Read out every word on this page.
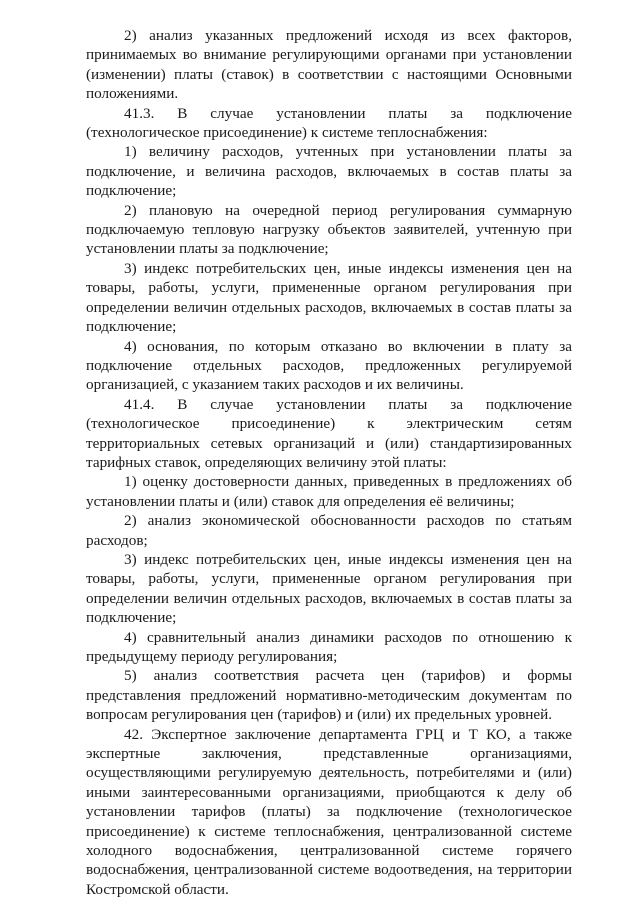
2) анализ указанных предложений исходя из всех факторов, принимаемых во внимание регулирующими органами при установлении (изменении) платы (ставок) в соответствии с настоящими Основными положениями.

41.3. В случае установлении платы за подключение (технологическое присоединение) к системе теплоснабжения:

1) величину расходов, учтенных при установлении платы за подключение, и величина расходов, включаемых в состав платы за подключение;

2) плановую на очередной период регулирования суммарную подключаемую тепловую нагрузку объектов заявителей, учтенную при установлении платы за подключение;

3) индекс потребительских цен, иные индексы изменения цен на товары, работы, услуги, примененные органом регулирования при определении величин отдельных расходов, включаемых в состав платы за подключение;

4) основания, по которым отказано во включении в плату за подключение отдельных расходов, предложенных регулируемой организацией, с указанием таких расходов и их величины.

41.4. В случае установлении платы за подключение (технологическое присоединение) к электрическим сетям территориальных сетевых организаций и (или) стандартизированных тарифных ставок, определяющих величину этой платы:

1) оценку достоверности данных, приведенных в предложениях об установлении платы и (или) ставок для определения её величины;

2) анализ экономической обоснованности расходов по статьям расходов;

3) индекс потребительских цен, иные индексы изменения цен на товары, работы, услуги, примененные органом регулирования при определении величин отдельных расходов, включаемых в состав платы за подключение;

4) сравнительный анализ динамики расходов по отношению к предыдущему периоду регулирования;

5) анализ соответствия расчета цен (тарифов) и формы представления предложений нормативно-методическим документам по вопросам регулирования цен (тарифов) и (или) их предельных уровней.

42. Экспертное заключение департамента ГРЦ и Т КО, а также экспертные заключения, представленные организациями, осуществляющими регулируемую деятельность, потребителями и (или) иными заинтересованными организациями, приобщаются к делу об установлении тарифов (платы) за подключение (технологическое присоединение) к системе теплоснабжения, централизованной системе холодного водоснабжения, централизованной системе горячего водоснабжения, централизованной системе водоотведения, на территории Костромской области.
